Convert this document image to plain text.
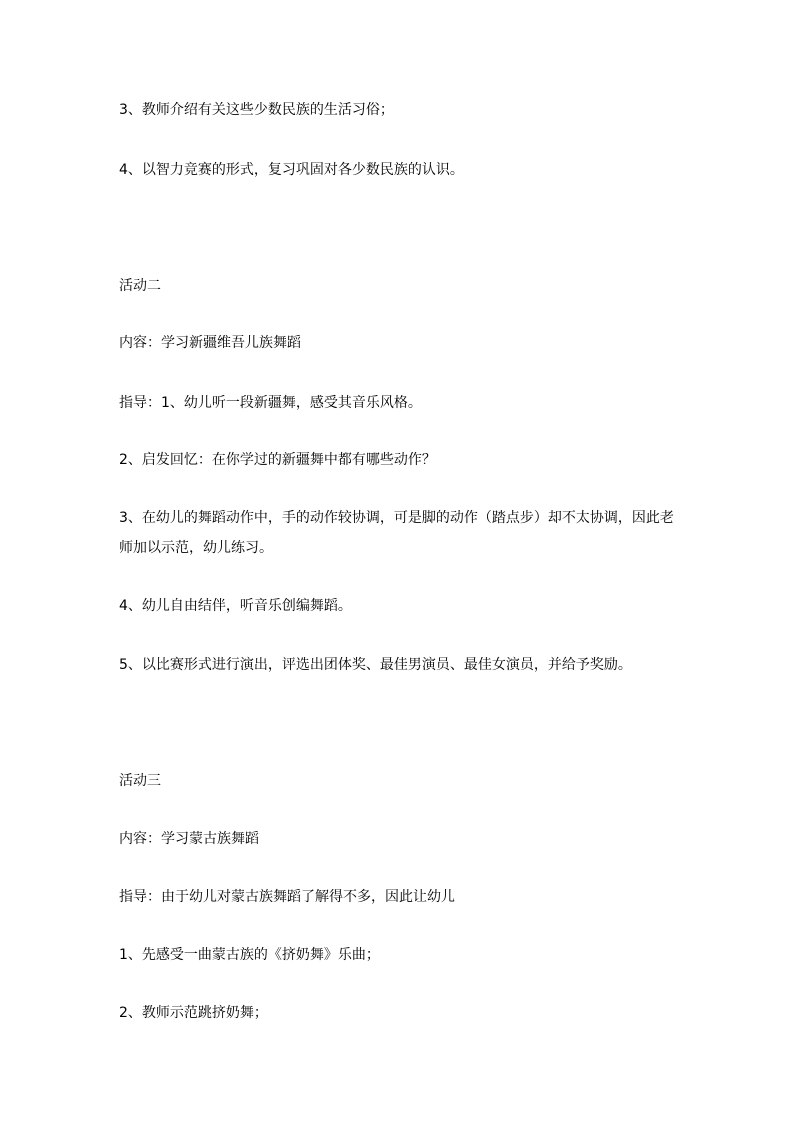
3、教师介绍有关这些少数民族的生活习俗；
4、以智力竞赛的形式，复习巩固对各少数民族的认识。
活动二
内容：学习新疆维吾儿族舞蹈
指导：1、幼儿听一段新疆舞，感受其音乐风格。
2、启发回忆：在你学过的新疆舞中都有哪些动作？
3、在幼儿的舞蹈动作中，手的动作较协调，可是脚的动作（踏点步）却不太协调，因此老师加以示范，幼儿练习。
4、幼儿自由结伴，听音乐创编舞蹈。
5、以比赛形式进行演出，评选出团体奖、最佳男演员、最佳女演员，并给予奖励。
活动三
内容：学习蒙古族舞蹈
指导：由于幼儿对蒙古族舞蹈了解得不多，因此让幼儿
1、先感受一曲蒙古族的《挤奶舞》乐曲；
2、教师示范跳挤奶舞；
